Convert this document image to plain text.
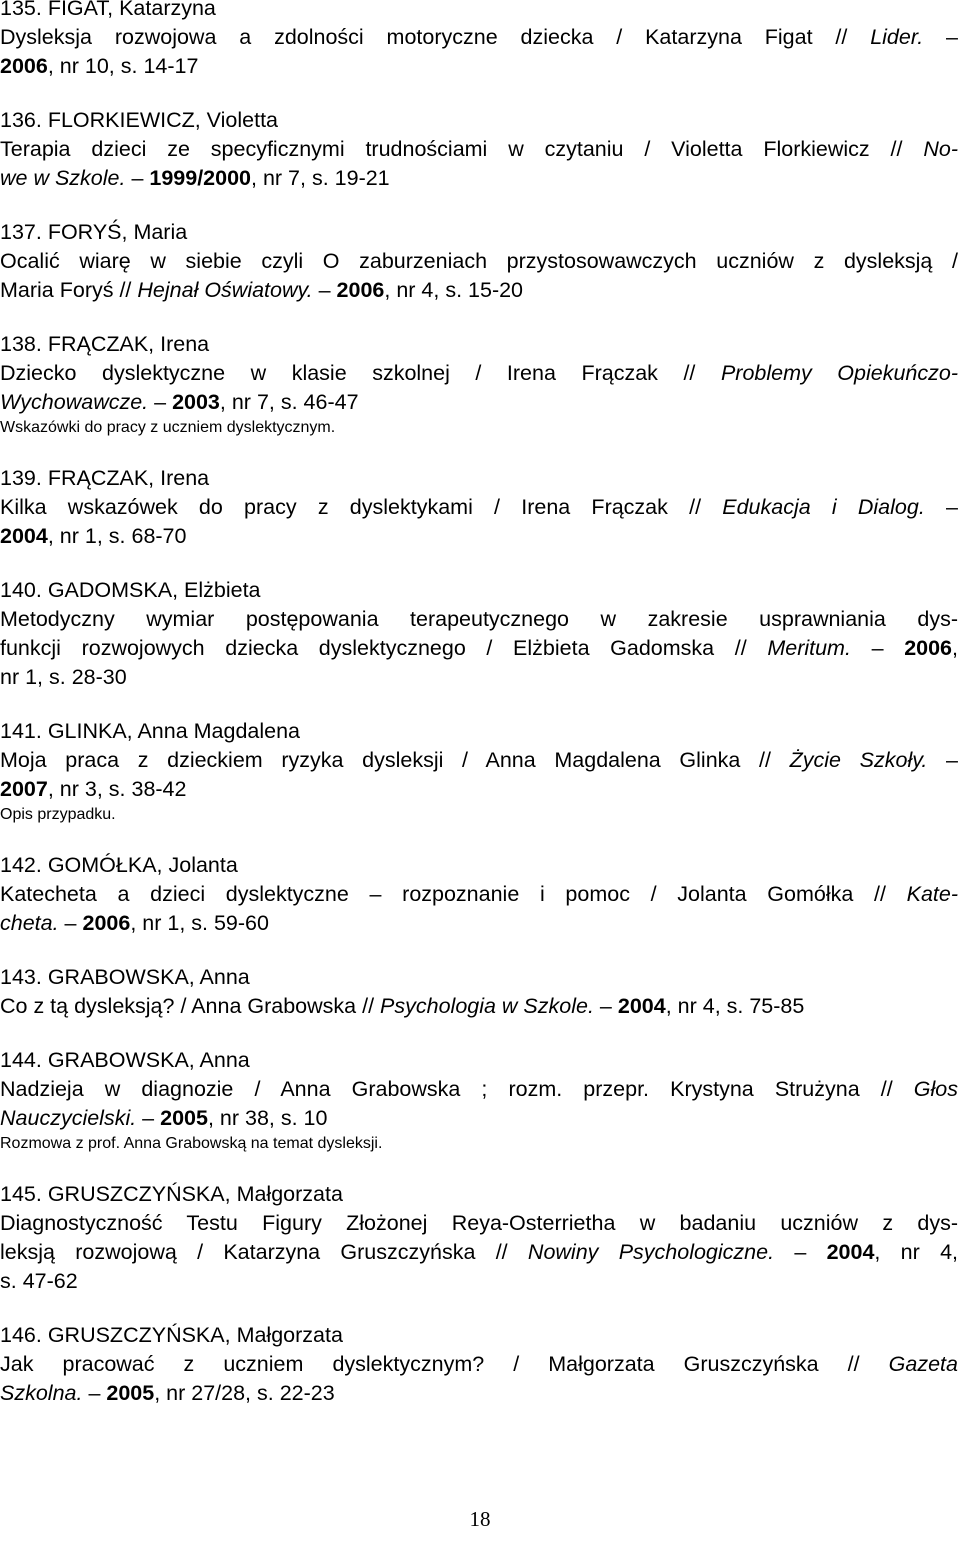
135. FIGAT, Katarzyna
Dysleksja rozwojowa a zdolności motoryczne dziecka / Katarzyna Figat // Lider. –
2006, nr 10, s. 14-17
136. FLORKIEWICZ, Violetta
Terapia dzieci ze specyficznymi trudnościami w czytaniu / Violetta Florkiewicz // No-
we w Szkole. – 1999/2000, nr 7, s. 19-21
137. FORYŚ, Maria
Ocalić wiarę w siebie czyli O zaburzeniach przystosowawczych uczniów z dysleksją /
Maria Foryś // Hejnał Oświatowy. – 2006, nr 4, s. 15-20
138. FRĄCZAK, Irena
Dziecko dyslektyczne w klasie szkolnej / Irena Frączak // Problemy Opiekuńczo-
Wychowawcze. – 2003, nr 7, s. 46-47
Wskazówki do pracy z uczniem dyslektycznym.
139. FRĄCZAK, Irena
Kilka wskazówek do pracy z dyslektykami / Irena Frączak // Edukacja i Dialog. –
2004, nr 1, s. 68-70
140. GADOMSKA, Elżbieta
Metodyczny wymiar postępowania terapeutycznego w zakresie usprawniania dys-
funkcji rozwojowych dziecka dyslektycznego / Elżbieta Gadomska // Meritum. – 2006,
nr 1, s. 28-30
141. GLINKA, Anna Magdalena
Moja praca z dzieckiem ryzyka dysleksji / Anna Magdalena Glinka // Życie Szkoły. –
2007, nr 3, s. 38-42
Opis przypadku.
142. GOMÓŁKA, Jolanta
Katecheta a dzieci dyslektyczne – rozpoznanie i pomoc / Jolanta Gomółka // Kate-
cheta. – 2006, nr 1, s. 59-60
143. GRABOWSKA, Anna
Co z tą dysleksją? / Anna Grabowska // Psychologia w Szkole. – 2004, nr 4, s. 75-85
144. GRABOWSKA, Anna
Nadzieja w diagnozie / Anna Grabowska ; rozm. przepr. Krystyna Strużyna // Głos
Nauczycielski. – 2005, nr 38, s. 10
Rozmowa z prof. Anna Grabowską na temat dysleksji.
145. GRUSZCZYŃSKA, Małgorzata
Diagnostyczność Testu Figury Złożonej Reya-Osterrietha w badaniu uczniów z dys-
leksją rozwojową / Katarzyna Gruszczyńska // Nowiny Psychologiczne. – 2004, nr 4,
s. 47-62
146. GRUSZCZYŃSKA, Małgorzata
Jak pracować z uczniem dyslektycznym? / Małgorzata Gruszczyńska // Gazeta
Szkolna. – 2005, nr 27/28, s. 22-23
18
